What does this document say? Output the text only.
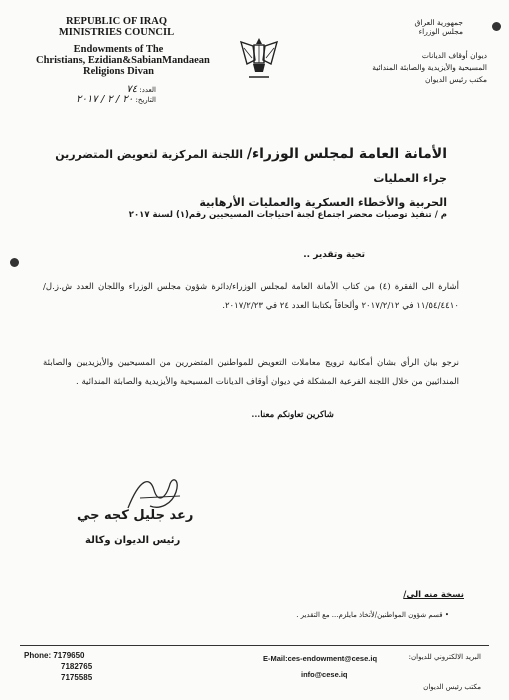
REPUBLIC OF IRAQ
MINISTRIES COUNCIL
Endowments of The
Christians, Ezidian&SabianMandaean
Religions Divan
العدد: ٧٤
التاريخ: ٢٠ / ٢ / ٢٠١٧
جمهورية العراق
مجلس الوزراء
ديوان أوقاف الديانات
المسيحية والأيزيدية والصابئة المندائية
مكتب رئيس الديوان
الأمانة العامة لمجلس الوزراء/ اللجنة المركزية لتعويض المتضررين جراء العمليات
الحربية والأخطاء العسكرية والعمليات الأرهابية
م / تنفيذ توصيات محضر اجتماع لجنة احتياجات المسيحيين رقم(١) لسنة ٢٠١٧
تحية وتقدير ..
أشارة الى الفقرة (٤) من كتاب الأمانة العامة لمجلس الوزراء/دائرة شؤون مجلس الوزراء واللجان العدد ش.ز.ل/١١/٥٤/٤٤١٠ في ٢٠١٧/٢/١٢ وألحاقاً بكتابنا العدد ٢٤ في ٢٠١٧/٢/٢٣.
نرجو بيان الرأي بشان أمكانية ترويج معاملات التعويض للمواطنين المتضررين من المسيحيين والأيزيديين والصابئة المندائيين من خلال اللجنة الفرعية المشكلة في ديوان أوقاف الديانات المسيحية والأيزيدية والصابئة المندائية .
شاكرين تعاونكم معنا...
رعد جليل كجه جي
رئيس الديوان وكالة
نسخة منه الى/
• قسم شؤون المواطنين/لأتخاذ مايلزم... مع التقدير .
Phone: 7179650
7182765
7175585
E-Mail:ces-endowment@cese.iq
info@cese.iq
البريد الالكتروني للديوان:
مكتب رئيس الديوان
